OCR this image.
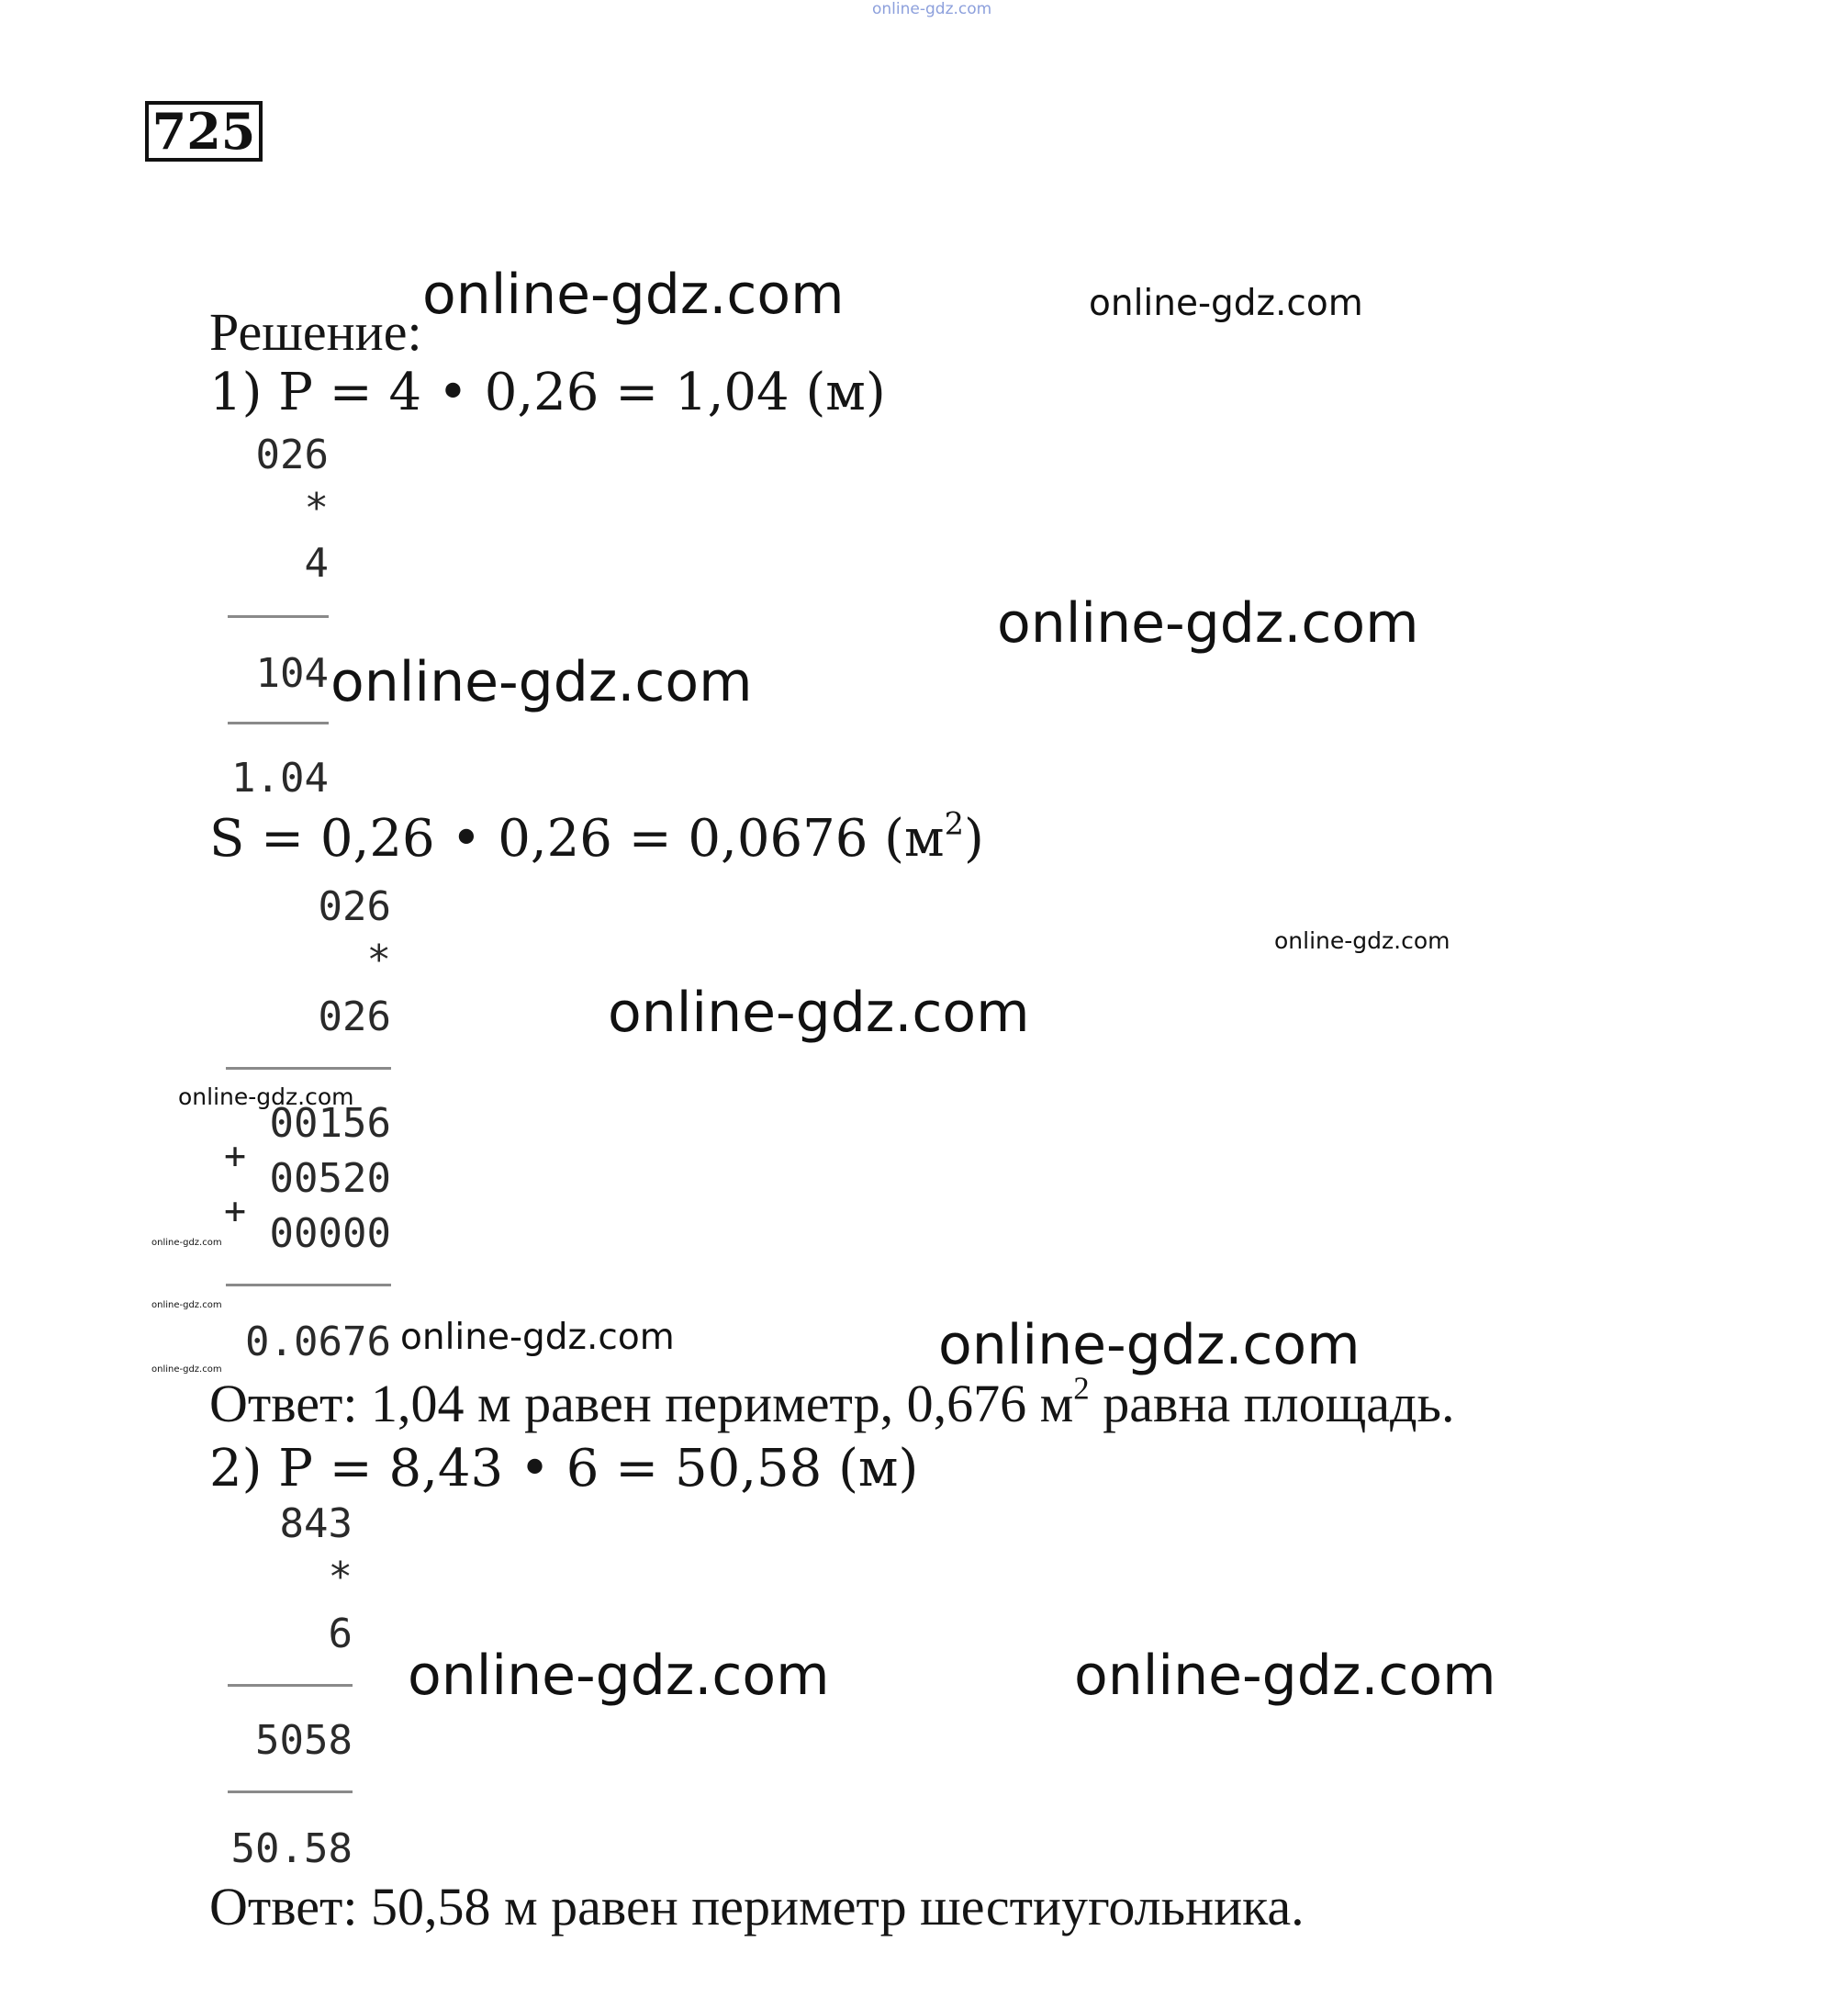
online-gdz.com
725
Решение:
1) P = 4 • 0,26 = 1,04 (м)
026
*
4
104
1.04
S = 0,26 • 0,26 = 0,0676 $(м^2)$
026
*
026
00156
+ 00520
+ 00000
0.0676
Ответ: 1,04 м равен периметр, 0,676 $м^2$ равна площадь.
2) P = 8,43 • 6 = 50,58 (м)
843
*
6
5058
50.58
Ответ: 50,58 м равен периметр шестиугольника.
online-gdz.com	online-gdz.com
online-gdz.com
online-gdz.com
online-gdz.com
online-gdz.com
online-gdz.com
online-gdz.com
online-gdz.com
online-gdz.com
online-gdz.com	online-gdz.com
online-gdz.com	online-gdz.com
